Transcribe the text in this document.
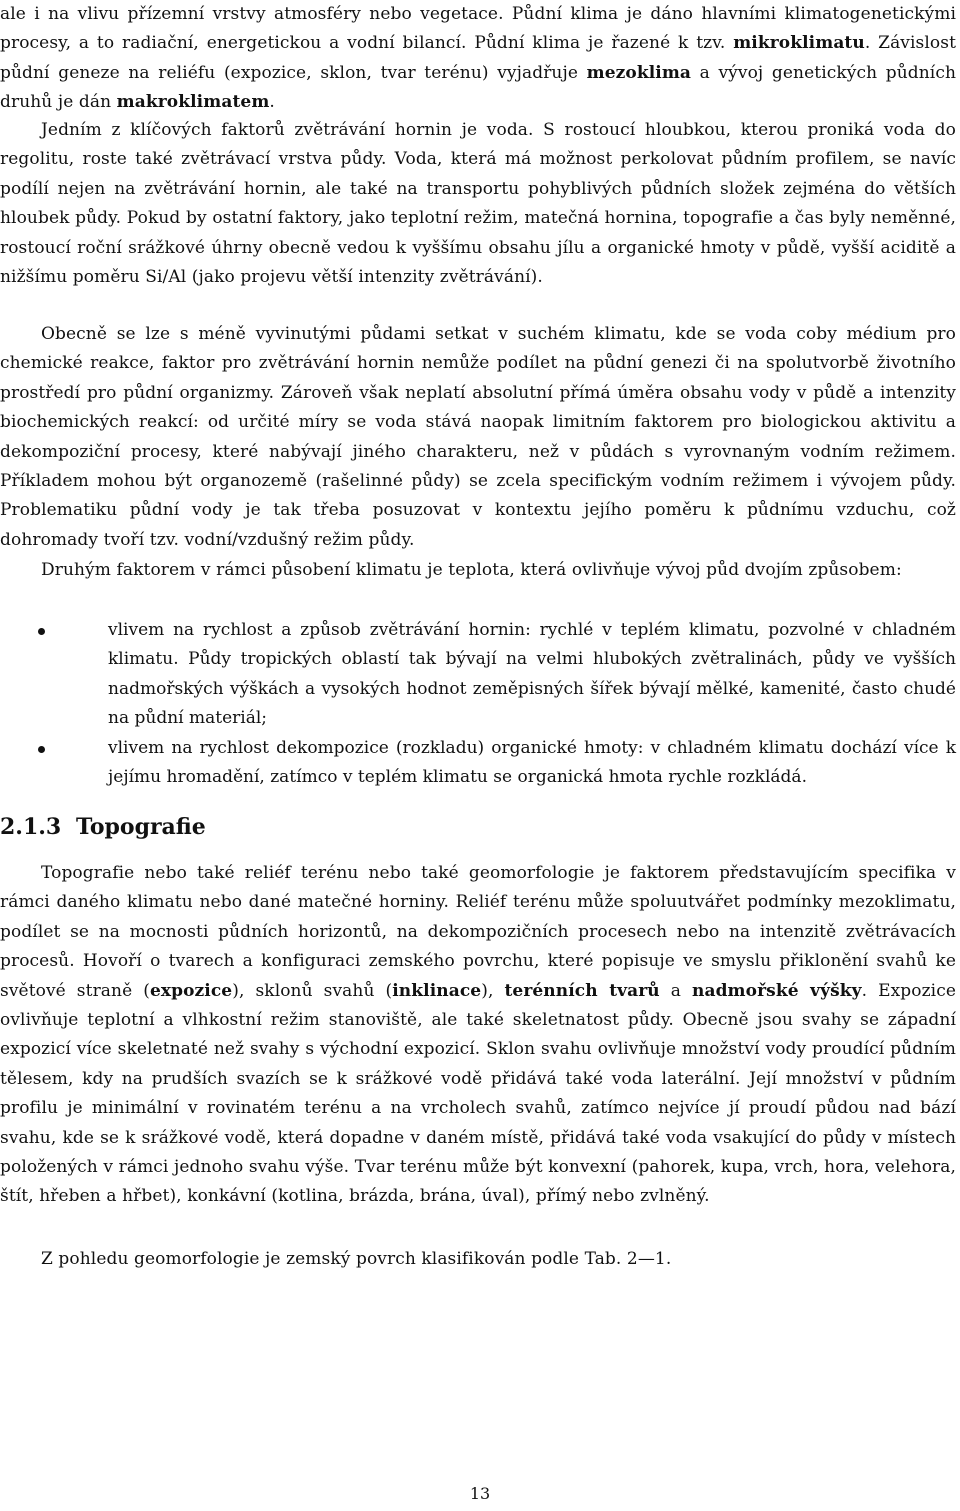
ale i na vlivu přízemní vrstvy atmosféry nebo vegetace. Půdní klima je dáno hlavními klimatogenetickými procesy, a to radiační, energetickou a vodní bilancí. Půdní klima je řazené k tzv. mikroklimatu. Závislost půdní geneze na reliéfu (expozice, sklon, tvar terénu) vyjadřuje mezoklima a vývoj genetických půdních druhů je dán makroklimatem.

Jedním z klíčových faktorů zvětrávání hornin je voda. S rostoucí hloubkou, kterou proniká voda do regolitu, roste také zvětrávací vrstva půdy. Voda, která má možnost perkolovat půdním profilem, se navíc podílí nejen na zvětrávání hornin, ale také na transportu pohyblivých půdních složek zejména do větších hloubek půdy. Pokud by ostatní faktory, jako teplotní režim, matečná hornina, topografie a čas byly neměnné, rostoucí roční srážkové úhrny obecně vedou k vyššímu obsahu jílu a organické hmoty v půdě, vyšší aciditě a nižšímu poměru Si/Al (jako projevu větší intenzity zvětrávání).

Obecně se lze s méně vyvinutými půdami setkat v suchém klimatu, kde se voda coby médium pro chemické reakce, faktor pro zvětrávání hornin nemůže podílet na půdní genezi či na spolutvorbě životního prostředí pro půdní organizmy. Zároveň však neplatí absolutní přímá úměra obsahu vody v půdě a intenzity biochemických reakcí: od určité míry se voda stává naopak limitním faktorem pro biologickou aktivitu a dekompoziční procesy, které nabývají jiného charakteru, než v půdách s vyrovnaným vodním režimem. Příkladem mohou být organozemě (rašelinné půdy) se zcela specifickým vodním režimem i vývojem půdy. Problematiku půdní vody je tak třeba posuzovat v kontextu jejího poměru k půdnímu vzduchu, což dohromady tvoří tzv. vodní/vzdušný režim půdy.

Druhým faktorem v rámci působení klimatu je teplota, která ovlivňuje vývoj půd dvojím způsobem:

vlivem na rychlost a způsob zvětrávání hornin: rychlé v teplém klimatu, pozvolné v chladném klimatu. Půdy tropických oblastí tak bývají na velmi hlubokých zvětralinách, půdy ve vyšších nadmořských výškách a vysokých hodnot zeměpisných šířek bývají mělké, kamenité, často chudé na půdní materiál;
vlivem na rychlost dekompozice (rozkladu) organické hmoty: v chladném klimatu dochází více k jejímu hromadění, zatímco v teplém klimatu se organická hmota rychle rozkládá.
2.1.3 Topografie

Topografie nebo také reliéf terénu nebo také geomorfologie je faktorem představujícím specifika v rámci daného klimatu nebo dané matečné horniny. Reliéf terénu může spoluutvářet podmínky mezoklimatu, podílet se na mocnosti půdních horizontů, na dekompozičních procesech nebo na intenzitě zvětrávacích procesů. Hovoří o tvarech a konfiguraci zemského povrchu, které popisuje ve smyslu přiklonění svahů ke světové straně (expozice), sklonů svahů (inklinace), terénních tvarů a nadmořské výšky. Expozice ovlivňuje teplotní a vlhkostní režim stanoviště, ale také skeletnatost půdy. Obecně jsou svahy se západní expozicí více skeletnaté než svahy s východní expozicí. Sklon svahu ovlivňuje množství vody proudící půdním tělesem, kdy na prudších svazích se k srážkové vodě přidává také voda laterální. Její množství v půdním profilu je minimální v rovinatém terénu a na vrcholech svahů, zatímco nejvíce jí proudí půdou nad bází svahu, kde se k srážkové vodě, která dopadne v daném místě, přidává také voda vsakující do půdy v místech položených v rámci jednoho svahu výše. Tvar terénu může být konvexní (pahorek, kupa, vrch, hora, velehora, štít, hřeben a hřbet), konkávní (kotlina, brázda, brána, úval), přímý nebo zvlněný.

Z pohledu geomorfologie je zemský povrch klasifikován podle Tab. 2—1.

13
